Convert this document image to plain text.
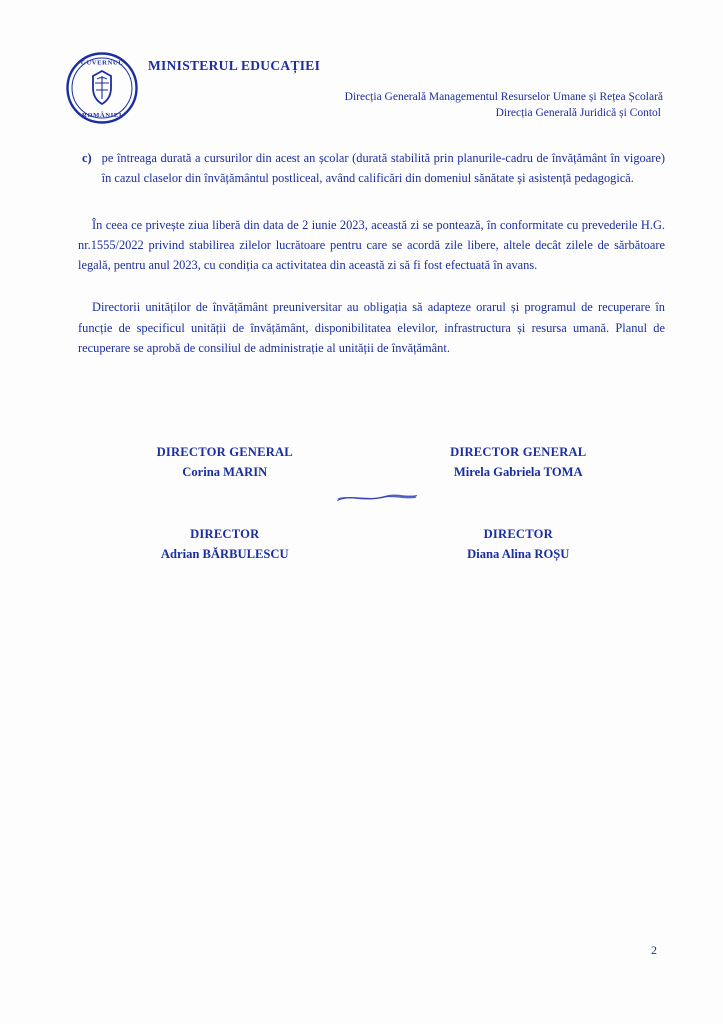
GUVERNUL
ROMÂNIEI
MINISTERUL EDUCAȚIEI
Direcția Generală Managementul Resurselor Umane și Rețea Școlară
Direcția Generală Juridică și Contol
c) pe întreaga durată a cursurilor din acest an școlar (durată stabilită prin planurile-cadru de învățământ în vigoare) în cazul claselor din învățământul postliceal, având calificări din domeniul sănătate și asistență pedagogică.

În ceea ce privește ziua liberă din data de 2 iunie 2023, această zi se pontează, în conformitate cu prevederile H.G. nr.1555/2022 privind stabilirea zilelor lucrătoare pentru care se acordă zile libere, altele decât zilele de sărbătoare legală, pentru anul 2023, cu condiția ca activitatea din această zi să fi fost efectuată în avans.

Directorii unităților de învățământ preuniversitar au obligația să adapteze orarul și programul de recuperare în funcție de specificul unității de învățământ, disponibilitatea elevilor, infrastructura și resursa umană. Planul de recuperare se aprobă de consiliul de administrație al unității de învățământ.

DIRECTOR GENERAL
Corina MARIN
DIRECTOR GENERAL
Mirela Gabriela TOMA
DIRECTOR
Adrian BĂRBULESCU
DIRECTOR
Diana Alina ROȘU
2
